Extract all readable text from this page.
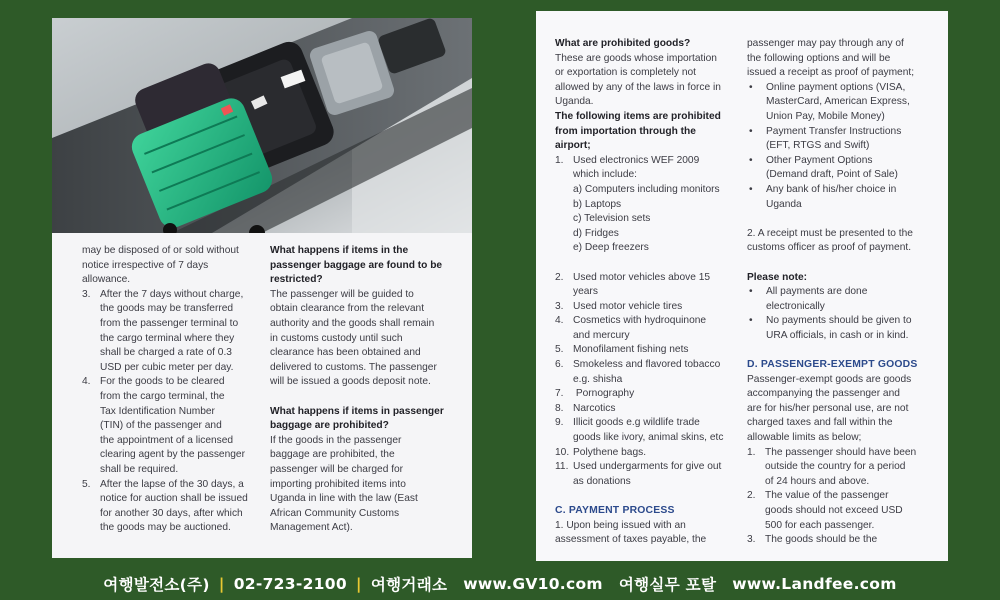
may be disposed of or sold without

notice irrespective of 7 days

allowance.

3. After the 7 days without charge,

the goods may be transferred

from the passenger terminal to

the cargo terminal where they

shall be charged a rate of 0.3

USD per cubic meter per day.

4. For the goods to be cleared

from the cargo terminal, the

Tax Identification Number

(TIN) of the passenger and

the appointment of a licensed

clearing agent by the passenger

shall be required.

5. After the lapse of the 30 days, a

notice for auction shall be issued

for another 30 days, after which

the goods may be auctioned.

What happens if items in the

passenger baggage are found to be

restricted?

The passenger will be guided to

obtain clearance from the relevant

authority and the goods shall remain

in customs custody until such

clearance has been obtained and

delivered to customs. The passenger

will be issued a goods deposit note.

What happens if items in passenger

baggage are prohibited?

If the goods in the passenger

baggage are prohibited, the

passenger will be charged for

importing prohibited items into

Uganda in line with the law (East

African Community Customs

Management Act).

What are prohibited goods?

These are goods whose importation

or exportation is completely not

allowed by any of the laws in force in

Uganda.

The following items are prohibited

from importation through the

airport;

1. Used electronics WEF 2009

which include:

a) Computers including monitors

b) Laptops

c) Television sets

d) Fridges

e) Deep freezers

2. Used motor vehicles above 15

years

3. Used motor vehicle tires

4. Cosmetics with hydroquinone

and mercury

5. Monofilament fishing nets

6. Smokeless and flavored tobacco

e.g. shisha

7. Pornography

8. Narcotics

9. Illicit goods e.g wildlife trade

goods like ivory, animal skins, etc

10. Polythene bags.

11. Used undergarments for give out

as donations

C. PAYMENT PROCESS

1. Upon being issued with an

assessment of taxes payable, the

passenger may pay through any of

the following options and will be

issued a receipt as proof of payment;

•	Online payment options (VISA,

MasterCard, American Express,

Union Pay, Mobile Money)

•	Payment Transfer Instructions

(EFT, RTGS and Swift)

•	Other Payment Options

(Demand draft, Point of Sale)

•	Any bank of his/her choice in

Uganda

2. A receipt must be presented to the

customs officer as proof of payment.

Please note:

•	All payments are done

electronically

•	No payments should be given to

URA officials, in cash or in kind.

D. PASSENGER-EXEMPT GOODS

Passenger-exempt goods are goods

accompanying the passenger and

are for his/her personal use, are not

charged taxes and fall within the

allowable limits as below;

1. The passenger should have been

outside the country for a period

of 24 hours and above.

2. The value of the passenger

goods should not exceed USD

500 for each passenger.

3. The goods should be the

여행발전소(주) | 02-723-2100 | 여행거래소 www.GV10.com 여행실무 포탈 www.Landfee.com
